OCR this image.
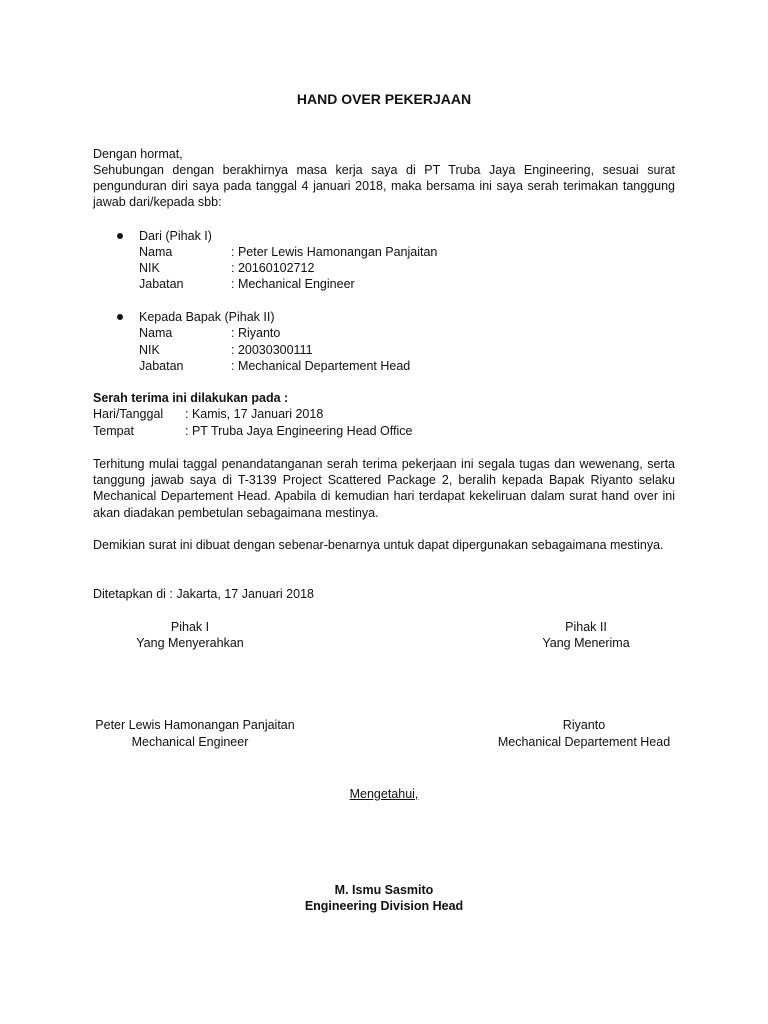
HAND OVER PEKERJAAN
Dengan hormat,
Sehubungan dengan berakhirnya masa kerja saya di PT Truba Jaya Engineering, sesuai surat pengunduran diri saya pada tanggal 4 januari 2018, maka bersama ini saya serah terimakan tanggung jawab dari/kepada sbb:
Dari (Pihak I)
Nama	: Peter Lewis Hamonangan Panjaitan
NIK	: 20160102712
Jabatan	: Mechanical Engineer
Kepada Bapak (Pihak II)
Nama	: Riyanto
NIK	: 20030300111
Jabatan	: Mechanical Departement Head
Serah terima ini dilakukan pada :
Hari/Tanggal : Kamis, 17 Januari 2018
Tempat	: PT Truba Jaya Engineering Head Office
Terhitung mulai taggal penandatanganan serah terima pekerjaan ini segala tugas dan wewenang, serta tanggung jawab saya di T-3139 Project Scattered Package 2, beralih kepada Bapak Riyanto selaku Mechanical Departement Head. Apabila di kemudian hari terdapat kekeliruan dalam surat hand over ini akan diadakan pembetulan sebagaimana mestinya.
Demikian surat ini dibuat dengan sebenar-benarnya untuk dapat dipergunakan sebagaimana mestinya.
Ditetapkan di : Jakarta, 17 Januari 2018
Pihak I
Yang Menyerahkan
Pihak II
Yang Menerima
Peter Lewis Hamonangan Panjaitan
Mechanical Engineer
Riyanto
Mechanical Departement Head
Mengetahui,
M. Ismu Sasmito
Engineering Division Head
